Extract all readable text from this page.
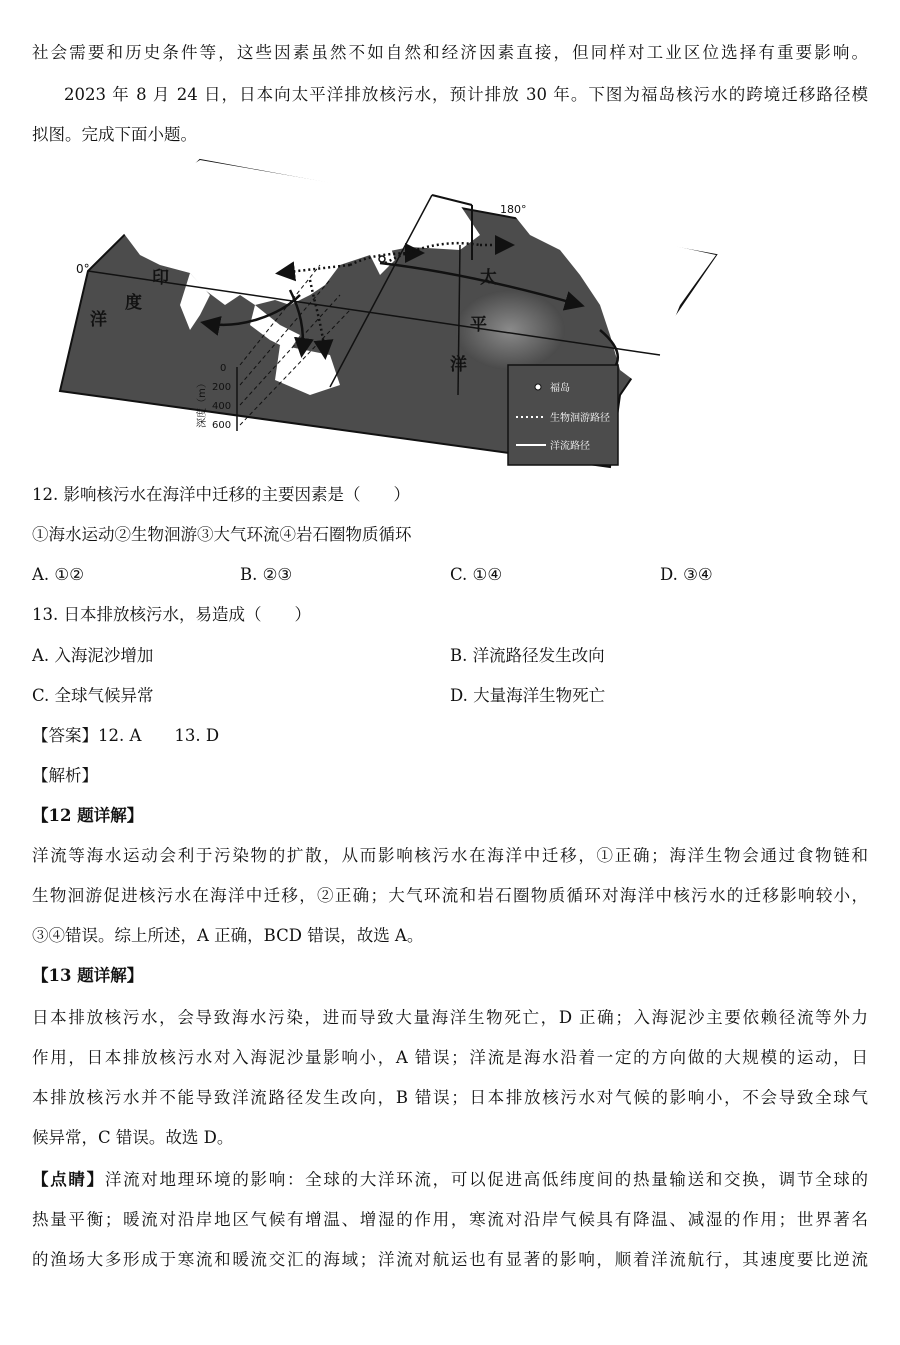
社会需要和历史条件等，这些因素虽然不如自然和经济因素直接，但同样对工业区位选择有重要影响。
2023 年 8 月 24 日，日本向太平洋排放核污水，预计排放 30 年。下图为福岛核污水的跨境迁移路径模
拟图。完成下面小题。
0°
180°
印
度
洋
太
平
洋
0
200
400
600
深度（m）	福岛
生物洄游路径
洋流路径
12. 影响核污水在海洋中迁移的主要因素是（　　）
①海水运动②生物洄游③大气环流④岩石圈物质循环
A. ①②	B. ②③	C. ①④	D. ③④
13. 日本排放核污水，易造成（　　）
A. 入海泥沙增加	B. 洋流路径发生改向
C. 全球气候异常	D. 大量海洋生物死亡
【答案】12. A　　13. D
【解析】
【12 题详解】
洋流等海水运动会利于污染物的扩散，从而影响核污水在海洋中迁移，①正确；海洋生物会通过食物链和
生物洄游促进核污水在海洋中迁移，②正确；大气环流和岩石圈物质循环对海洋中核污水的迁移影响较小，
③④错误。综上所述，A 正确，BCD 错误，故选 A。
【13 题详解】
日本排放核污水，会导致海水污染，进而导致大量海洋生物死亡，D 正确；入海泥沙主要依赖径流等外力
作用，日本排放核污水对入海泥沙量影响小，A 错误；洋流是海水沿着一定的方向做的大规模的运动，日
本排放核污水并不能导致洋流路径发生改向，B 错误；日本排放核污水对气候的影响小，不会导致全球气
候异常，C 错误。故选 D。
【点睛】洋流对地理环境的影响：全球的大洋环流，可以促进高低纬度间的热量输送和交换，调节全球的
热量平衡；暖流对沿岸地区气候有增温、增湿的作用，寒流对沿岸气候具有降温、减湿的作用；世界著名
的渔场大多形成于寒流和暖流交汇的海域；洋流对航运也有显著的影响，顺着洋流航行，其速度要比逆流
